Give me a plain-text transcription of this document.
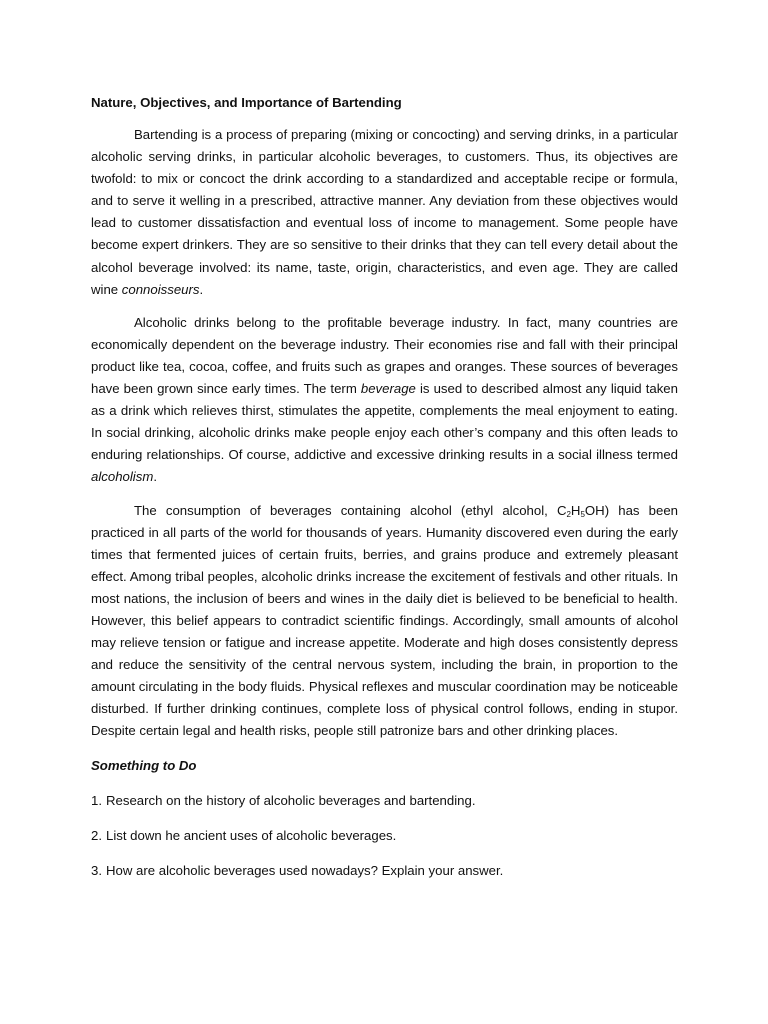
Nature, Objectives, and Importance of Bartending

Bartending is a process of preparing (mixing or concocting) and serving drinks, in a particular alcoholic serving drinks, in particular alcoholic beverages, to customers. Thus, its objectives are twofold: to mix or concoct the drink according to a standardized and acceptable recipe or formula, and to serve it welling in a prescribed, attractive manner. Any deviation from these objectives would lead to customer dissatisfaction and eventual loss of income to management. Some people have become expert drinkers. They are so sensitive to their drinks that they can tell every detail about the alcohol beverage involved: its name, taste, origin, characteristics, and even age. They are called wine connoisseurs.

Alcoholic drinks belong to the profitable beverage industry. In fact, many countries are economically dependent on the beverage industry. Their economies rise and fall with their principal product like tea, cocoa, coffee, and fruits such as grapes and oranges. These sources of beverages have been grown since early times. The term beverage is used to described almost any liquid taken as a drink which relieves thirst, stimulates the appetite, complements the meal enjoyment to eating. In social drinking, alcoholic drinks make people enjoy each other’s company and this often leads to enduring relationships. Of course, addictive and excessive drinking results in a social illness termed alcoholism.

The consumption of beverages containing alcohol (ethyl alcohol, $C_2H_5OH$) has been practiced in all parts of the world for thousands of years. Humanity discovered even during the early times that fermented juices of certain fruits, berries, and grains produce and extremely pleasant effect. Among tribal peoples, alcoholic drinks increase the excitement of festivals and other rituals. In most nations, the inclusion of beers and wines in the daily diet is believed to be beneficial to health. However, this belief appears to contradict scientific findings. Accordingly, small amounts of alcohol may relieve tension or fatigue and increase appetite. Moderate and high doses consistently depress and reduce the sensitivity of the central nervous system, including the brain, in proportion to the amount circulating in the body fluids. Physical reflexes and muscular coordination may be noticeable disturbed. If further drinking continues, complete loss of physical control follows, ending in stupor. Despite certain legal and health risks, people still patronize bars and other drinking places.

Something to Do
1. Research on the history of alcoholic beverages and bartending.
2. List down he ancient uses of alcoholic beverages.
3. How are alcoholic beverages used nowadays? Explain your answer.
